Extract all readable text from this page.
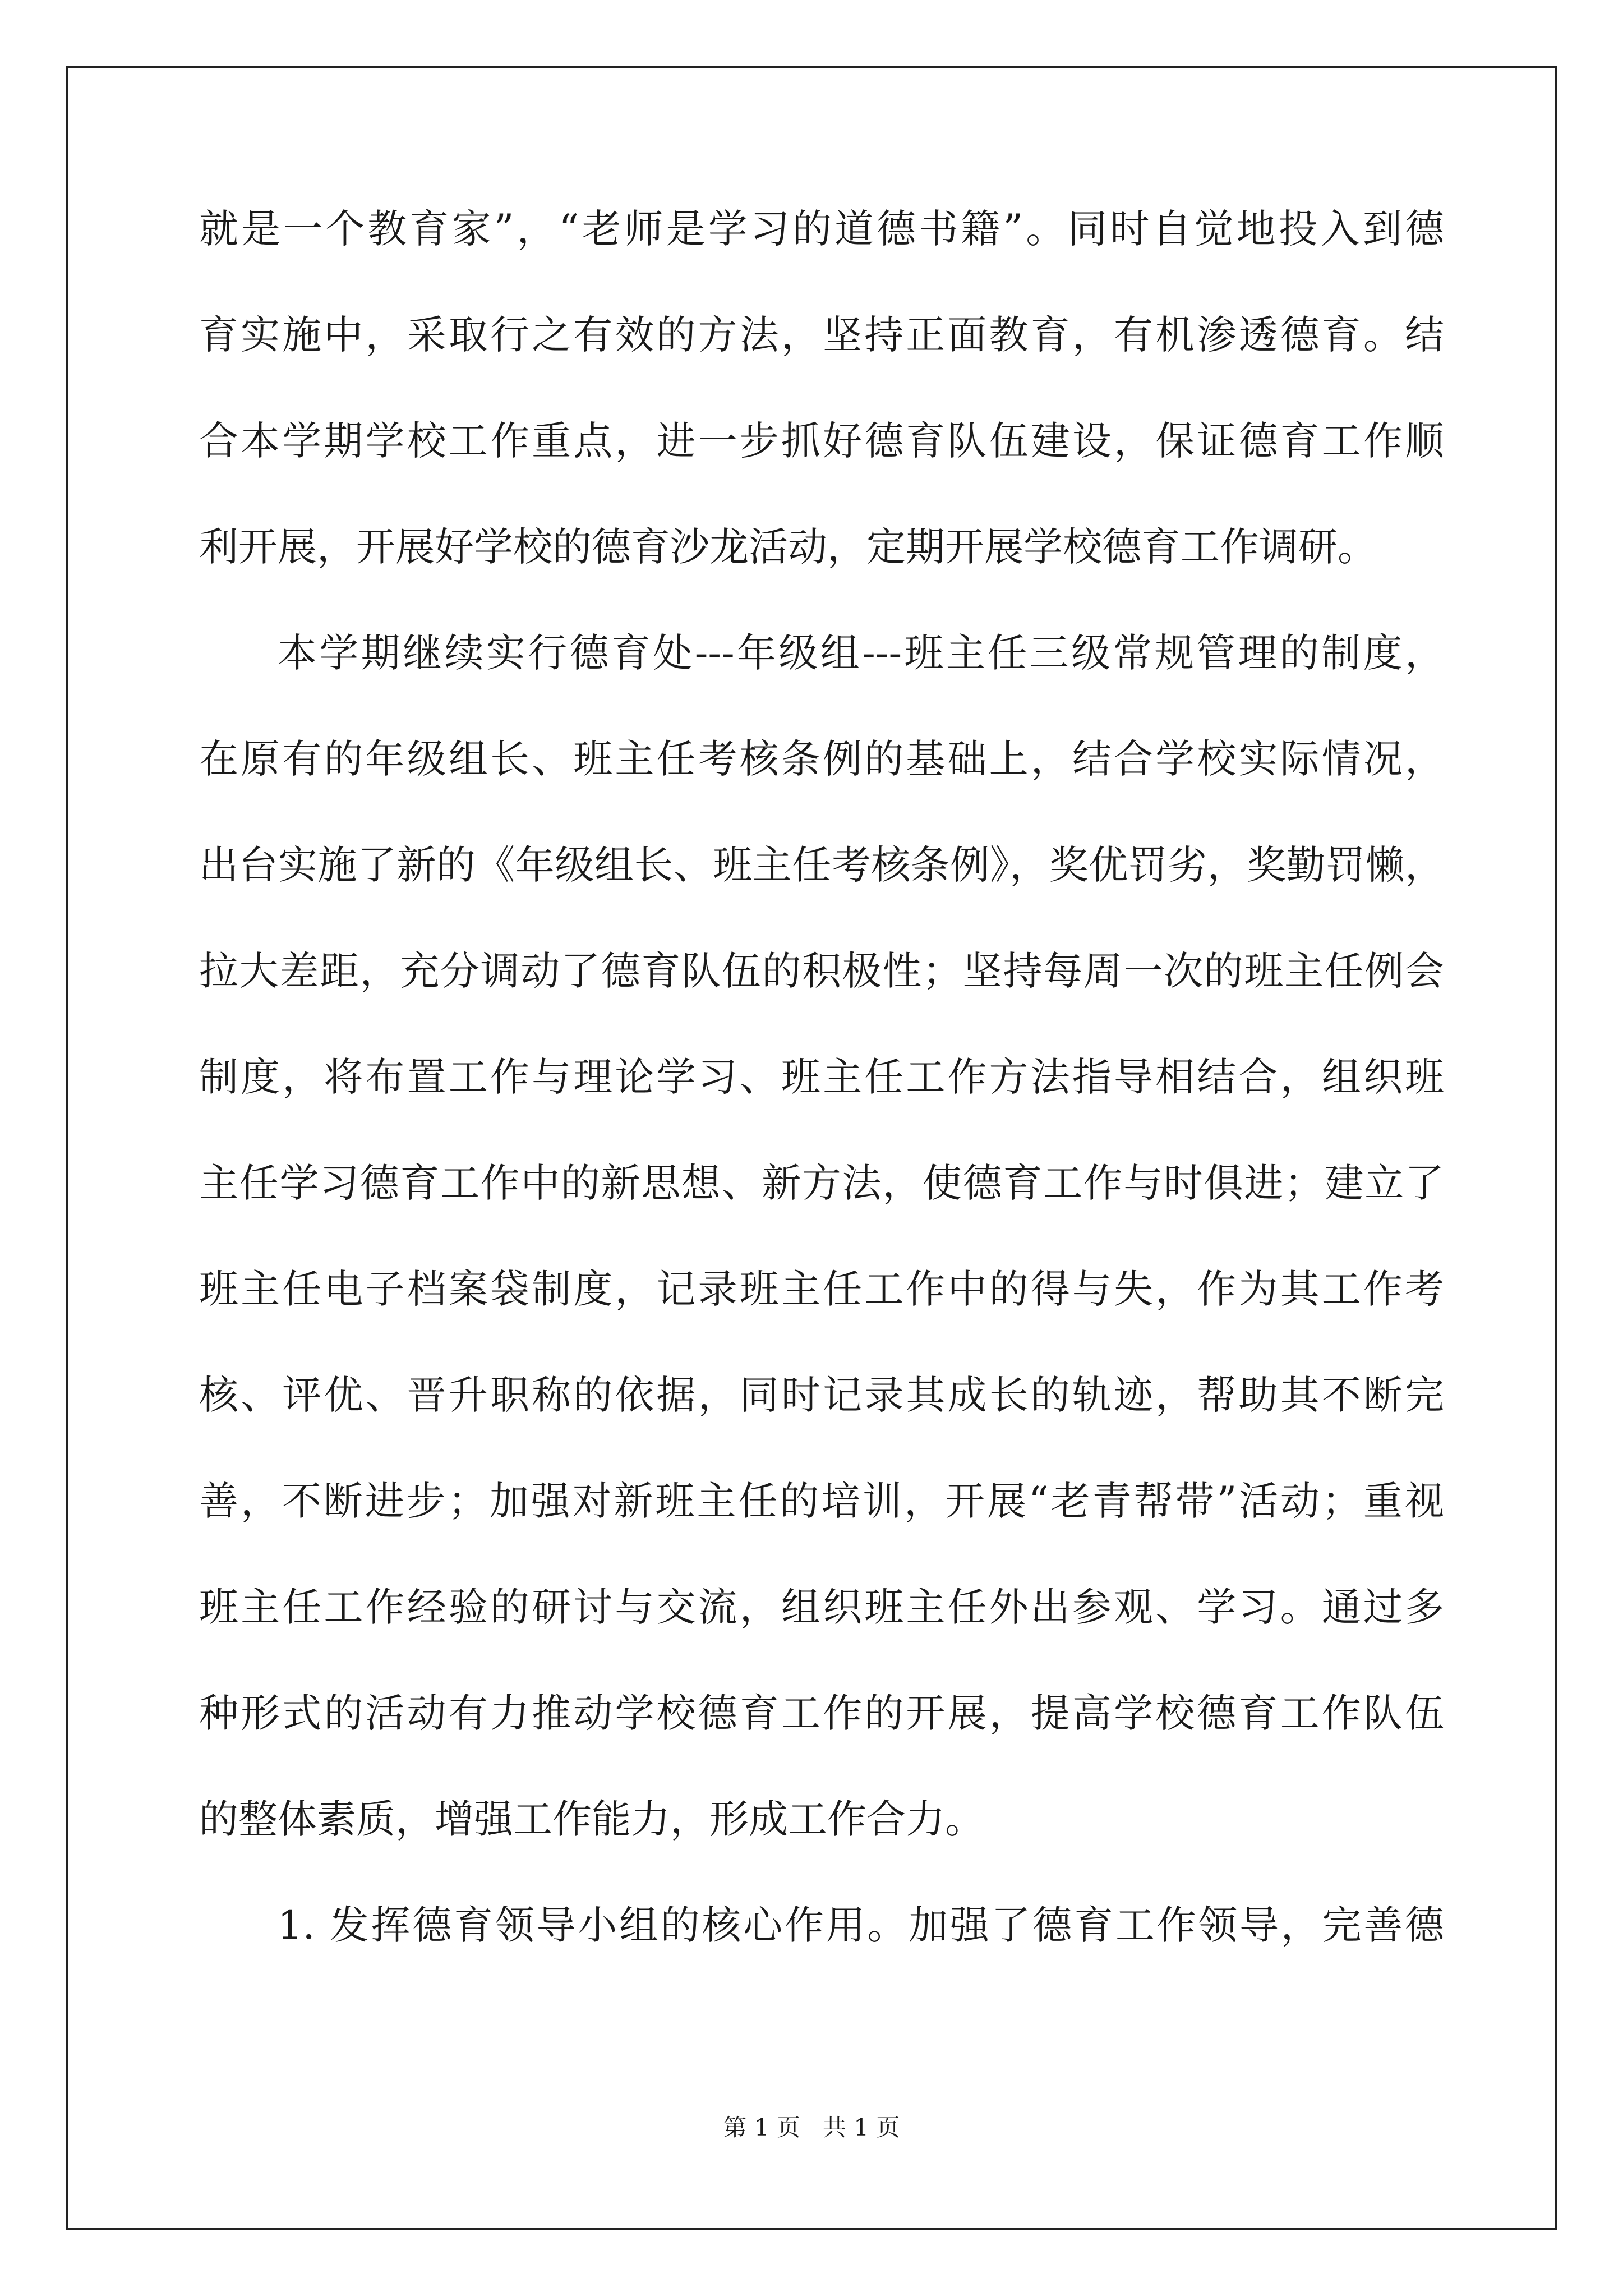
就是一个教育家”，“老师是学习的道德书籍”。同时自觉地投入到德
育实施中，采取行之有效的方法，坚持正面教育，有机渗透德育。结
合本学期学校工作重点，进一步抓好德育队伍建设，保证德育工作顺
利开展，开展好学校的德育沙龙活动，定期开展学校德育工作调研。
本学期继续实行德育处---年级组---班主任三级常规管理的制度，
在原有的年级组长、班主任考核条例的基础上，结合学校实际情况，
出台实施了新的《年级组长、班主任考核条例》，奖优罚劣，奖勤罚懒，
拉大差距，充分调动了德育队伍的积极性；坚持每周一次的班主任例会
制度，将布置工作与理论学习、班主任工作方法指导相结合，组织班
主任学习德育工作中的新思想、新方法，使德育工作与时俱进；建立了
班主任电子档案袋制度，记录班主任工作中的得与失，作为其工作考
核、评优、晋升职称的依据，同时记录其成长的轨迹，帮助其不断完
善，不断进步；加强对新班主任的培训，开展“老青帮带”活动；重视
班主任工作经验的研讨与交流，组织班主任外出参观、学习。通过多
种形式的活动有力推动学校德育工作的开展，提高学校德育工作队伍
的整体素质，增强工作能力，形成工作合力。
1. 发挥德育领导小组的核心作用。加强了德育工作领导，完善德
第 1 页   共 1 页
